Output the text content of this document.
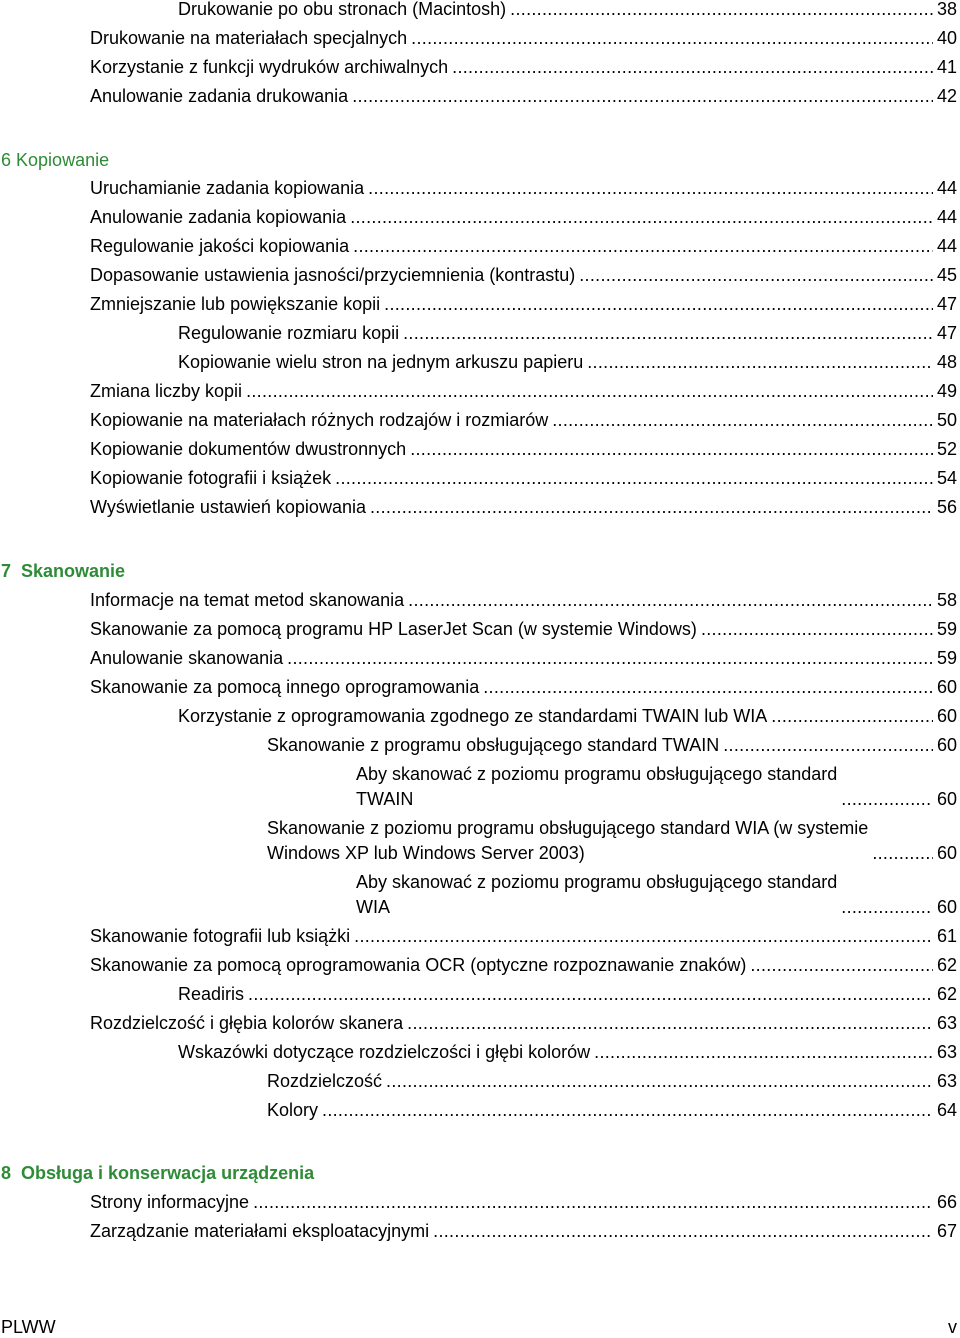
Drukowanie po obu stronach (Macintosh) .....	38
Drukowanie na materiałach specjalnych .....	40
Korzystanie z funkcji wydruków archiwalnych .....	41
Anulowanie zadania drukowania .....	42
6 Kopiowanie
Uruchamianie zadania kopiowania .....	44
Anulowanie zadania kopiowania .....	44
Regulowanie jakości kopiowania .....	44
Dopasowanie ustawienia jasności/przyciemnienia (kontrastu) .....	45
Zmniejszanie lub powiększanie kopii .....	47
Regulowanie rozmiaru kopii .....	47
Kopiowanie wielu stron na jednym arkuszu papieru .....	48
Zmiana liczby kopii .....	49
Kopiowanie na materiałach różnych rodzajów i rozmiarów .....	50
Kopiowanie dokumentów dwustronnych .....	52
Kopiowanie fotografii i książek .....	54
Wyświetlanie ustawień kopiowania .....	56
7 Skanowanie
Informacje na temat metod skanowania .....	58
Skanowanie za pomocą programu HP LaserJet Scan (w systemie Windows) .....	59
Anulowanie skanowania .....	59
Skanowanie za pomocą innego oprogramowania .....	60
Korzystanie z oprogramowania zgodnego ze standardami TWAIN lub WIA .....	60
Skanowanie z programu obsługującego standard TWAIN .....	60
Aby skanować z poziomu programu obsługującego standard
TWAIN .....	60
Skanowanie z poziomu programu obsługującego standard WIA (w systemie
Windows XP lub Windows Server 2003) .....	60
Aby skanować z poziomu programu obsługującego standard
WIA .....	60
Skanowanie fotografii lub książki .....	61
Skanowanie za pomocą oprogramowania OCR (optyczne rozpoznawanie znaków) .....	62
Readiris .....	62
Rozdzielczość i głębia kolorów skanera .....	63
Wskazówki dotyczące rozdzielczości i głębi kolorów .....	63
Rozdzielczość .....	63
Kolory .....	64
8 Obsługa i konserwacja urządzenia
Strony informacyjne .....	66
Zarządzanie materiałami eksploatacyjnymi .....	67
PLWW	v
